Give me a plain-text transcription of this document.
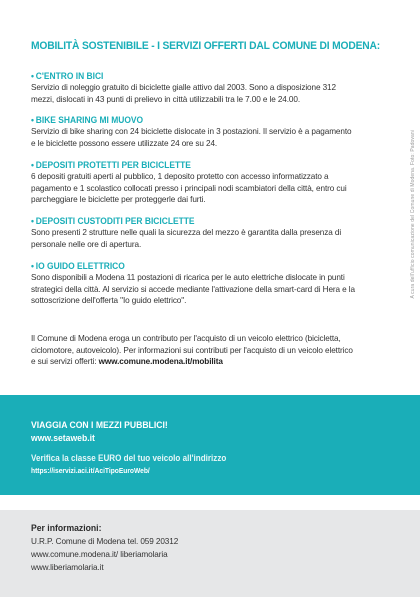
MOBILITÀ SOSTENIBILE - I SERVIZI OFFERTI DAL COMUNE DI MODENA:
• C'ENTRO IN BICI
Servizio di noleggio gratuito di biciclette gialle attivo dal 2003. Sono a disposizione 312
mezzi, dislocati in 43 punti di prelievo in città utilizzabili tra le 7.00 e le 24.00.
• BIKE SHARING MI MUOVO
Servizio di bike sharing con 24 biciclette dislocate in 3 postazioni. Il servizio è a pagamento
e le biciclette possono essere utilizzate 24 ore su 24.
• DEPOSITI PROTETTI PER BICICLETTE
6 depositi gratuiti aperti al pubblico, 1 deposito protetto con accesso informatizzato a
pagamento e 1 scolastico collocati presso i principali nodi scambiatori della città, entro cui
parcheggiare le biciclette per proteggerle dai furti.
• DEPOSITI CUSTODITI PER BICICLETTE
Sono presenti 2 strutture nelle quali la sicurezza del mezzo è garantita dalla presenza di
personale nelle ore di apertura.
• IO GUIDO ELETTRICO
Sono disponibili a Modena 11 postazioni di ricarica per le auto elettriche dislocate in punti
strategici della città. Al servizio si accede mediante l'attivazione della smart-card di Hera e la
sottoscrizione dell'offerta "Io guido elettrico".
Il Comune di Modena eroga un contributo per l'acquisto di un veicolo elettrico (bicicletta,
ciclomotore, autoveicolo). Per informazioni sui contributi per l'acquisto di un veicolo elettrico
e sui servizi offerti: www.comune.modena.it/mobilita
A cura dell'ufficio comunicazione del Comune di Modena. Foto: Padovani
VIAGGIA CON I MEZZI PUBBLICI!
www.setaweb.it
Verifica la classe EURO del tuo veicolo all'indirizzo
https://iservizi.aci.it/AciTipoEuroWeb/
Per informazioni:
U.R.P. Comune di Modena tel. 059 20312
www.comune.modena.it/ liberiamolaria
www.liberiamolaria.it
